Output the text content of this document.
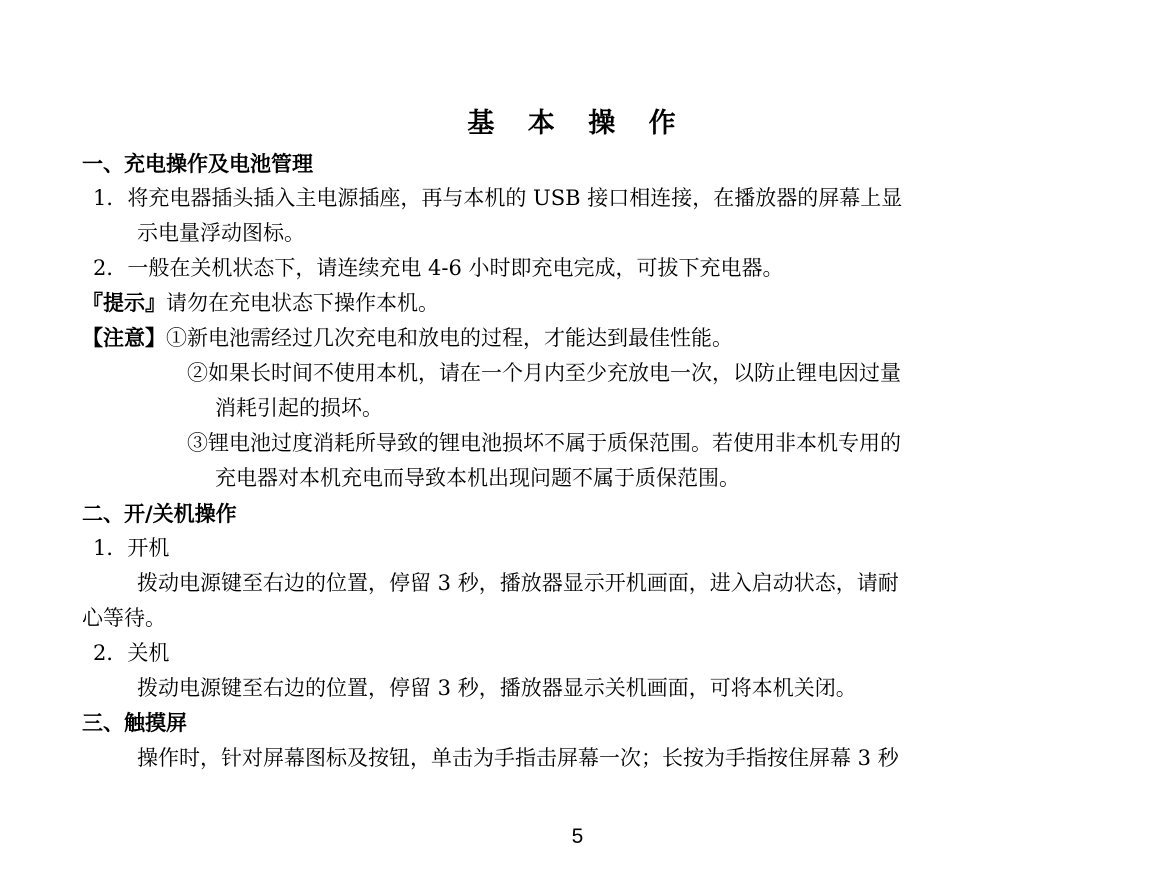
基 本 操 作
一、充电操作及电池管理
1．将充电器插头插入主电源插座，再与本机的 USB 接口相连接，在播放器的屏幕上显
示电量浮动图标。
2．一般在关机状态下，请连续充电 4-6 小时即充电完成，可拔下充电器。
『提示』请勿在充电状态下操作本机。
【注意】①新电池需经过几次充电和放电的过程，才能达到最佳性能。
②如果长时间不使用本机，请在一个月内至少充放电一次，以防止锂电因过量
消耗引起的损坏。
③锂电池过度消耗所导致的锂电池损坏不属于质保范围。若使用非本机专用的
充电器对本机充电而导致本机出现问题不属于质保范围。
二、开/关机操作
1．开机
拨动电源键至右边的位置，停留 3 秒，播放器显示开机画面，进入启动状态，请耐
心等待。
2．关机
拨动电源键至右边的位置，停留 3 秒，播放器显示关机画面，可将本机关闭。
三、触摸屏
操作时，针对屏幕图标及按钮，单击为手指击屏幕一次；长按为手指按住屏幕 3 秒
5
